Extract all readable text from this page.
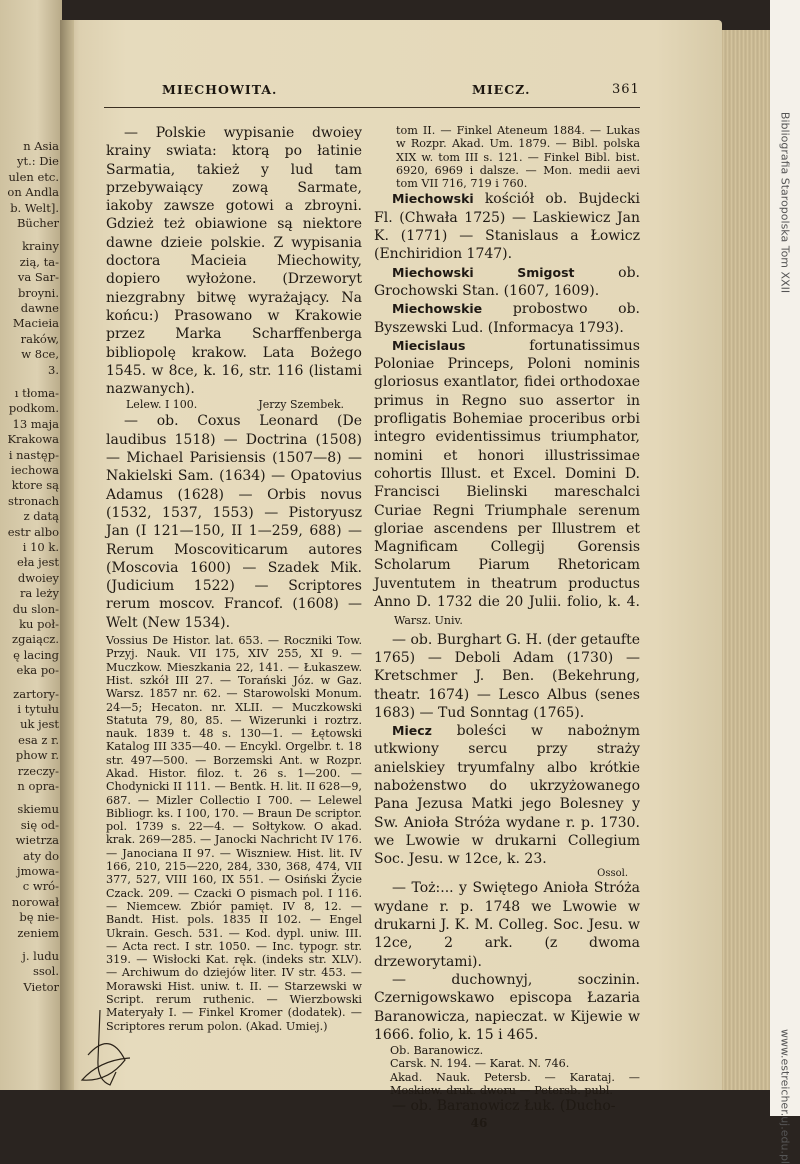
n Asia
yt.: Die
ulen etc.
on Andla
b. Welt].
Bücher
krainy
zią, ta-
va Sar-
broyni.
dawne
Macieia
raków,
w 8ce,
3.
ı tłoma-
podkom.
13 maja
Krakowa
i następ-
iechowa
ktore są
stronach
z datą
estr albo
i 10 k.
eła jest
dwoiey
ra leży
du slon-
ku poł-
zgaiącz.
ę lacing
eka po-
zartory-
i tytułu
uk jest
esa z r.
phow r.
rzeczy-
n opra-
skiemu
się od-
wietrza
aty do
jmowa-
c wró-
norował
bę nie-
zeniem
j. ludu
ssol.
Vietor
MIECHOWITA.	MIECZ.	361

— Polskie wypisanie dwoiey krainy swiata: ktorą po łatinie Sarmatia, takież y lud tam przebywaiący zową Sarmate, iakoby zawsze gotowi a zbroyni. Gdzież też obiawione są niektore dawne dzieie polskie. Z wypisania doctora Macieia Miechowity, dopiero wyłożone. (Drzeworyt niezgrabny bitwę wyrażający. Na końcu:) Prasowano w Krakowie przez Marka Scharffenberga bibliopolę krakow. Lata Bożego 1545. w 8ce, k. 16, str. 116 (listami nazwanych).

Lelew. I 100.	Jerzy Szembek.

— ob. Coxus Leonard (De laudibus 1518) — Doctrina (1508) — Michael Parisiensis (1507—8) — Nakielski Sam. (1634) — Opatovius Adamus (1628) — Orbis novus (1532, 1537, 1553) — Pistoryusz Jan (I 121—150, II 1—259, 688) — Rerum Moscoviticarum autores (Moscovia 1600) — Szadek Mik. (Judicium 1522) — Scriptores rerum moscov. Francof. (1608) — Welt (New 1534).

Vossius De Histor. lat. 653. — Roczniki Tow. Przyj. Nauk. VII 175, XIV 255, XI 9. — Muczkow. Mieszkania 22, 141. — Łukaszew. Hist. szkół III 27. — Torański Józ. w Gaz. Warsz. 1857 nr. 62. — Starowolski Monum. 24—5; Hecaton. nr. XLII. — Muczkowski Statuta 79, 80, 85. — Wizerunki i roztrz. nauk. 1839 t. 48 s. 130—1. — Łętowski Katalog III 335—40. — Encykl. Orgelbr. t. 18 str. 497—500. — Borzemski Ant. w Rozpr. Akad. Histor. filoz. t. 26 s. 1—200. — Chodynicki II 111. — Bentk. H. lit. II 628—9, 687. — Mizler Collectio I 700. — Lelewel Bibliogr. ks. I 100, 170. — Braun De scriptor. pol. 1739 s. 22—4. — Sołtykow. O akad. krak. 269—285. — Janocki Nachricht IV 176. — Janociana II 97. — Wiszniew. Hist. lit. IV 166, 210, 215—220, 284, 330, 368, 474, VII 377, 527, VIII 160, IX 551. — Osiński Życie Czack. 209. — Czacki O pismach pol. I 116. — Niemcew. Zbiór pamięt. IV 8, 12. — Bandt. Hist. pols. 1835 II 102. — Engel Ukrain. Gesch. 531. — Kod. dypl. uniw. III. — Acta rect. I str. 1050. — Inc. typogr. str. 319. — Wisłocki Kat. ręk. (indeks str. XLV). — Archiwum do dziejów liter. IV str. 453. — Morawski Hist. uniw. t. II. — Starzewski w Script. rerum ruthenic. — Wierzbowski Materyały I. — Finkel Kromer (dodatek). — Scriptores rerum polon. (Akad. Umiej.)

tom II. — Finkel Ateneum 1884. — Lukas w Rozpr. Akad. Um. 1879. — Bibl. polska XIX w. tom III s. 121. — Finkel Bibl. bist. 6920, 6969 i dalsze. — Mon. medii aevi tom VII 716, 719 i 760.

Miechowski kościół ob. Bujdecki Fl. (Chwała 1725) — Laskiewicz Jan K. (1771) — Stanislaus a Łowicz (Enchiridion 1747).

Miechowski Smigost	ob. Grochowski Stan. (1607, 1609).

Miechowskie probostwo ob. Byszewski Lud. (Informacya 1793).

Miecislaus	fortunatissimus Poloniae Princeps, Poloni nominis gloriosus exantlator, fidei orthodoxae primus in Regno suo assertor in profligatis Bohemiae proceribus orbi integro evidentissimus triumphator, nomini et honori illustrissimae cohortis Illust. et Excel. Domini D. Francisci Bielinski mareschalci Curiae Regni Triumphale serenum gloriae ascendens per Illustrem et Magnificam Collegij Gorensis Scholarum Piarum Rhetoricam Juventutem in theatrum productus Anno D. 1732 die 20 Julii. folio, k. 4. Warsz. Univ.

— ob. Burghart G. H. (der getaufte 1765) — Deboli Adam (1730) — Kretschmer J. Ben. (Bekehrung, theatr. 1674) — Lesco Albus (senes 1683) — Tud Sonntag (1765).

Miecz boleści w nabożnym utkwiony sercu przy straży anielskiey tryumfalny albo krótkie nabożenstwo do ukrzyżowanego Pana Jezusa Matki jego Bolesney y Sw. Anioła Stróża wydane r. p. 1730. we Lwowie w drukarni Collegium Soc. Jesu. w 12ce, k. 23.

Ossol.

— Toż:... y Swiętego Anioła Stróża wydane r. p. 1748 we Lwowie w drukarni J. K. M. Colleg. Soc. Jesu. w 12ce, 2 ark. (z dwoma drzeworytami).

— duchownyj, soczinin. Czernigowskawo episcopa Łazaria Baranowicza, napieczat. w Kijewie w 1666. folio, k. 15 i 465.

Ob. Baranowicz.

Carsk. N. 194. — Karat. N. 746.
Akad. Nauk. Petersb. — Karataj. — Moskiew. druk. dworu — Petersb. publ.

— ob. Baranowicz Łuk. (Ducho-

46
Bibliografia Staropolska Tom XXII
www.estreicher.uj.edu.pl
